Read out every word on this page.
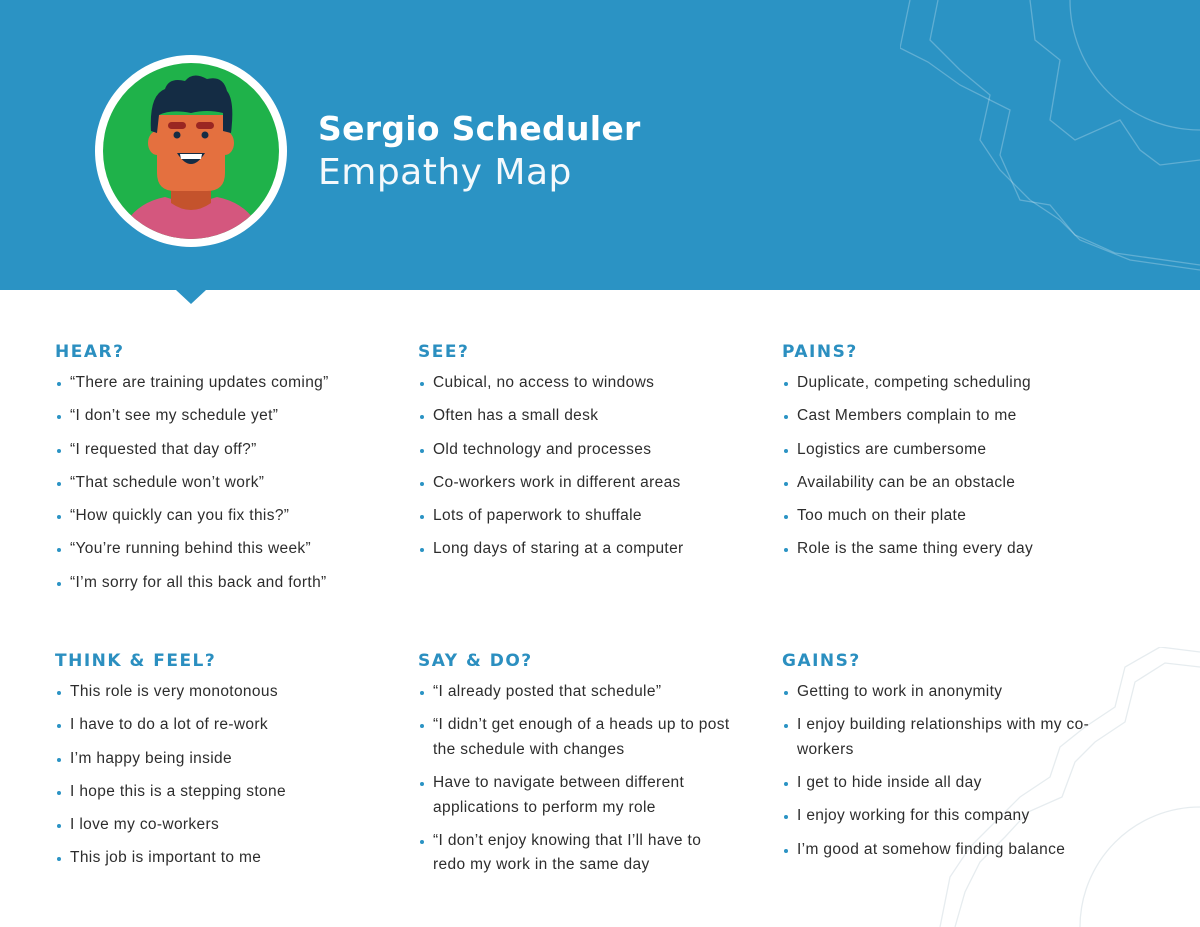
Sergio Scheduler
Empathy Map
HEAR?
“There are training updates coming”
“I don’t see my schedule yet”
“I requested that day off?”
“That schedule won’t work”
“How quickly can you fix this?”
“You’re running behind this week”
“I’m sorry for all this back and forth”
SEE?
Cubical, no access to windows
Often has a small desk
Old technology and processes
Co-workers work in different areas
Lots of paperwork to shuffale
Long days of staring at a computer
PAINS?
Duplicate, competing scheduling
Cast Members complain to me
Logistics are cumbersome
Availability can be an obstacle
Too much on their plate
Role is the same thing every day
THINK & FEEL?
This role is very monotonous
I have to do a lot of re-work
I’m happy being inside
I hope this is a stepping stone
I love my co-workers
This job is important to me
SAY & DO?
“I already posted that schedule”
“I didn’t get enough of a heads up to post the schedule with changes
Have to navigate between different applications to perform my role
“I don’t enjoy knowing that I’ll have to redo my work in the same day
GAINS?
Getting to work in anonymity
I enjoy building relationships with my co-workers
I get to hide inside all day
I enjoy working for this company
I’m good at somehow finding balance
